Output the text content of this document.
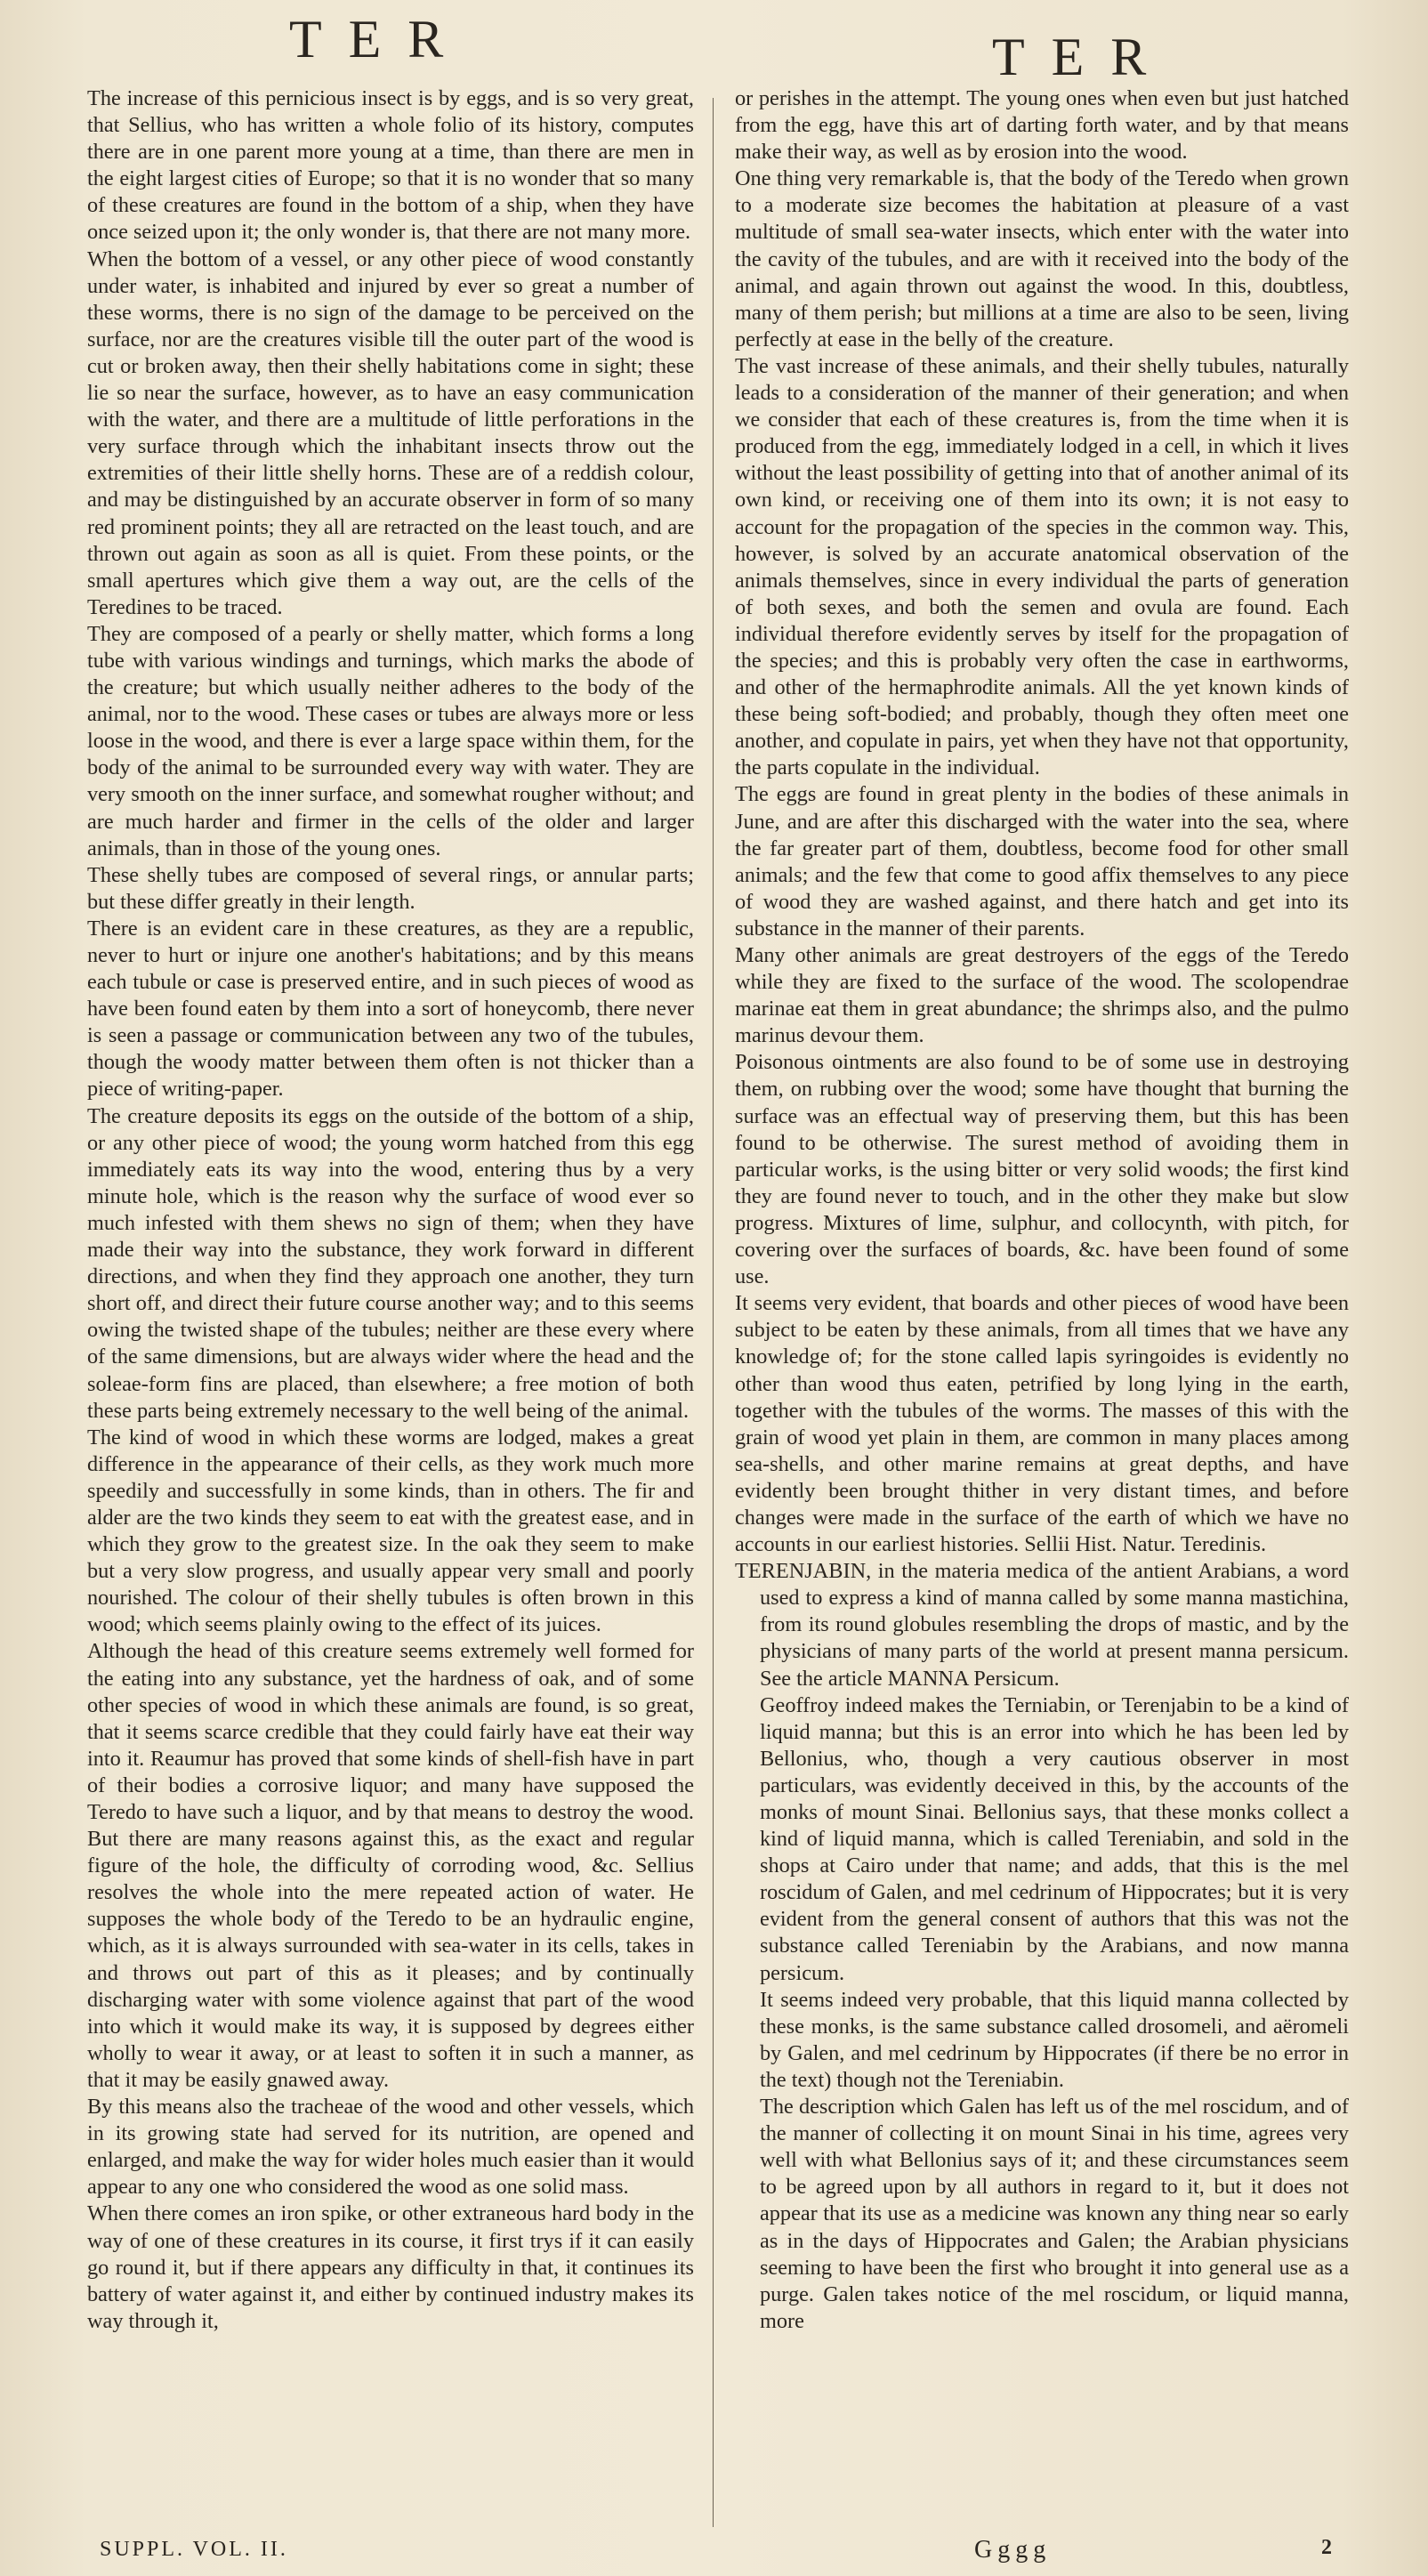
TER	TER

The increase of this pernicious insect is by eggs, and is so very great, that Sellius, who has written a whole folio of its history, computes there are in one parent more young at a time, than there are men in the eight largest cities of Europe; so that it is no wonder that so many of these creatures are found in the bottom of a ship, when they have once seized upon it; the only wonder is, that there are not many more.

When the bottom of a vessel, or any other piece of wood constantly under water, is inhabited and injured by ever so great a number of these worms, there is no sign of the damage to be perceived on the surface, nor are the creatures visible till the outer part of the wood is cut or broken away, then their shelly habitations come in sight; these lie so near the surface, however, as to have an easy communication with the water, and there are a multitude of little perforations in the very surface through which the inhabitant insects throw out the extremities of their little shelly horns. These are of a reddish colour, and may be distinguished by an accurate observer in form of so many red prominent points; they all are retracted on the least touch, and are thrown out again as soon as all is quiet. From these points, or the small apertures which give them a way out, are the cells of the Teredines to be traced.

They are composed of a pearly or shelly matter, which forms a long tube with various windings and turnings, which marks the abode of the creature; but which usually neither adheres to the body of the animal, nor to the wood. These cases or tubes are always more or less loose in the wood, and there is ever a large space within them, for the body of the animal to be surrounded every way with water. They are very smooth on the inner surface, and somewhat rougher without; and are much harder and firmer in the cells of the older and larger animals, than in those of the young ones.

These shelly tubes are composed of several rings, or annular parts; but these differ greatly in their length.

There is an evident care in these creatures, as they are a republic, never to hurt or injure one another's habitations; and by this means each tubule or case is preserved entire, and in such pieces of wood as have been found eaten by them into a sort of honeycomb, there never is seen a passage or communication between any two of the tubules, though the woody matter between them often is not thicker than a piece of writing-paper.

The creature deposits its eggs on the outside of the bottom of a ship, or any other piece of wood; the young worm hatched from this egg immediately eats its way into the wood, entering thus by a very minute hole, which is the reason why the surface of wood ever so much infested with them shews no sign of them; when they have made their way into the substance, they work forward in different directions, and when they find they approach one another, they turn short off, and direct their future course another way; and to this seems owing the twisted shape of the tubules; neither are these every where of the same dimensions, but are always wider where the head and the soleae-form fins are placed, than elsewhere; a free motion of both these parts being extremely necessary to the well being of the animal.

The kind of wood in which these worms are lodged, makes a great difference in the appearance of their cells, as they work much more speedily and successfully in some kinds, than in others. The fir and alder are the two kinds they seem to eat with the greatest ease, and in which they grow to the greatest size. In the oak they seem to make but a very slow progress, and usually appear very small and poorly nourished. The colour of their shelly tubules is often brown in this wood; which seems plainly owing to the effect of its juices.

Although the head of this creature seems extremely well formed for the eating into any substance, yet the hardness of oak, and of some other species of wood in which these animals are found, is so great, that it seems scarce credible that they could fairly have eat their way into it. Reaumur has proved that some kinds of shell-fish have in part of their bodies a corrosive liquor; and many have supposed the Teredo to have such a liquor, and by that means to destroy the wood. But there are many reasons against this, as the exact and regular figure of the hole, the difficulty of corroding wood, &c. Sellius resolves the whole into the mere repeated action of water. He supposes the whole body of the Teredo to be an hydraulic engine, which, as it is always surrounded with sea-water in its cells, takes in and throws out part of this as it pleases; and by continually discharging water with some violence against that part of the wood into which it would make its way, it is supposed by degrees either wholly to wear it away, or at least to soften it in such a manner, as that it may be easily gnawed away.

By this means also the tracheae of the wood and other vessels, which in its growing state had served for its nutrition, are opened and enlarged, and make the way for wider holes much easier than it would appear to any one who considered the wood as one solid mass.

When there comes an iron spike, or other extraneous hard body in the way of one of these creatures in its course, it first trys if it can easily go round it, but if there appears any difficulty in that, it continues its battery of water against it, and either by continued industry makes its way through it,

or perishes in the attempt. The young ones when even but just hatched from the egg, have this art of darting forth water, and by that means make their way, as well as by erosion into the wood.

One thing very remarkable is, that the body of the Teredo when grown to a moderate size becomes the habitation at pleasure of a vast multitude of small sea-water insects, which enter with the water into the cavity of the tubules, and are with it received into the body of the animal, and again thrown out against the wood. In this, doubtless, many of them perish; but millions at a time are also to be seen, living perfectly at ease in the belly of the creature.

The vast increase of these animals, and their shelly tubules, naturally leads to a consideration of the manner of their generation; and when we consider that each of these creatures is, from the time when it is produced from the egg, immediately lodged in a cell, in which it lives without the least possibility of getting into that of another animal of its own kind, or receiving one of them into its own; it is not easy to account for the propagation of the species in the common way. This, however, is solved by an accurate anatomical observation of the animals themselves, since in every individual the parts of generation of both sexes, and both the semen and ovula are found. Each individual therefore evidently serves by itself for the propagation of the species; and this is probably very often the case in earthworms, and other of the hermaphrodite animals. All the yet known kinds of these being soft-bodied; and probably, though they often meet one another, and copulate in pairs, yet when they have not that opportunity, the parts copulate in the individual.

The eggs are found in great plenty in the bodies of these animals in June, and are after this discharged with the water into the sea, where the far greater part of them, doubtless, become food for other small animals; and the few that come to good affix themselves to any piece of wood they are washed against, and there hatch and get into its substance in the manner of their parents.

Many other animals are great destroyers of the eggs of the Teredo while they are fixed to the surface of the wood. The scolopendrae marinae eat them in great abundance; the shrimps also, and the pulmo marinus devour them.

Poisonous ointments are also found to be of some use in destroying them, on rubbing over the wood; some have thought that burning the surface was an effectual way of preserving them, but this has been found to be otherwise. The surest method of avoiding them in particular works, is the using bitter or very solid woods; the first kind they are found never to touch, and in the other they make but slow progress. Mixtures of lime, sulphur, and collocynth, with pitch, for covering over the surfaces of boards, &c. have been found of some use.

It seems very evident, that boards and other pieces of wood have been subject to be eaten by these animals, from all times that we have any knowledge of; for the stone called lapis syringoides is evidently no other than wood thus eaten, petrified by long lying in the earth, together with the tubules of the worms. The masses of this with the grain of wood yet plain in them, are common in many places among sea-shells, and other marine remains at great depths, and have evidently been brought thither in very distant times, and before changes were made in the surface of the earth of which we have no accounts in our earliest histories. Sellii Hist. Natur. Teredinis.

TERENJABIN, in the materia medica of the antient Arabians, a word used to express a kind of manna called by some manna mastichina, from its round globules resembling the drops of mastic, and by the physicians of many parts of the world at present manna persicum. See the article MANNA Persicum.

Geoffroy indeed makes the Terniabin, or Terenjabin to be a kind of liquid manna; but this is an error into which he has been led by Bellonius, who, though a very cautious observer in most particulars, was evidently deceived in this, by the accounts of the monks of mount Sinai. Bellonius says, that these monks collect a kind of liquid manna, which is called Tereniabin, and sold in the shops at Cairo under that name; and adds, that this is the mel roscidum of Galen, and mel cedrinum of Hippocrates; but it is very evident from the general consent of authors that this was not the substance called Tereniabin by the Arabians, and now manna persicum.

It seems indeed very probable, that this liquid manna collected by these monks, is the same substance called drosomeli, and aëromeli by Galen, and mel cedrinum by Hippocrates (if there be no error in the text) though not the Tereniabin.

The description which Galen has left us of the mel roscidum, and of the manner of collecting it on mount Sinai in his time, agrees very well with what Bellonius says of it; and these circumstances seem to be agreed upon by all authors in regard to it, but it does not appear that its use as a medicine was known any thing near so early as in the days of Hippocrates and Galen; the Arabian physicians seeming to have been the first who brought it into general use as a purge. Galen takes notice of the mel roscidum, or liquid manna, more

SUPPL. VOL. II.	Gggg	2
